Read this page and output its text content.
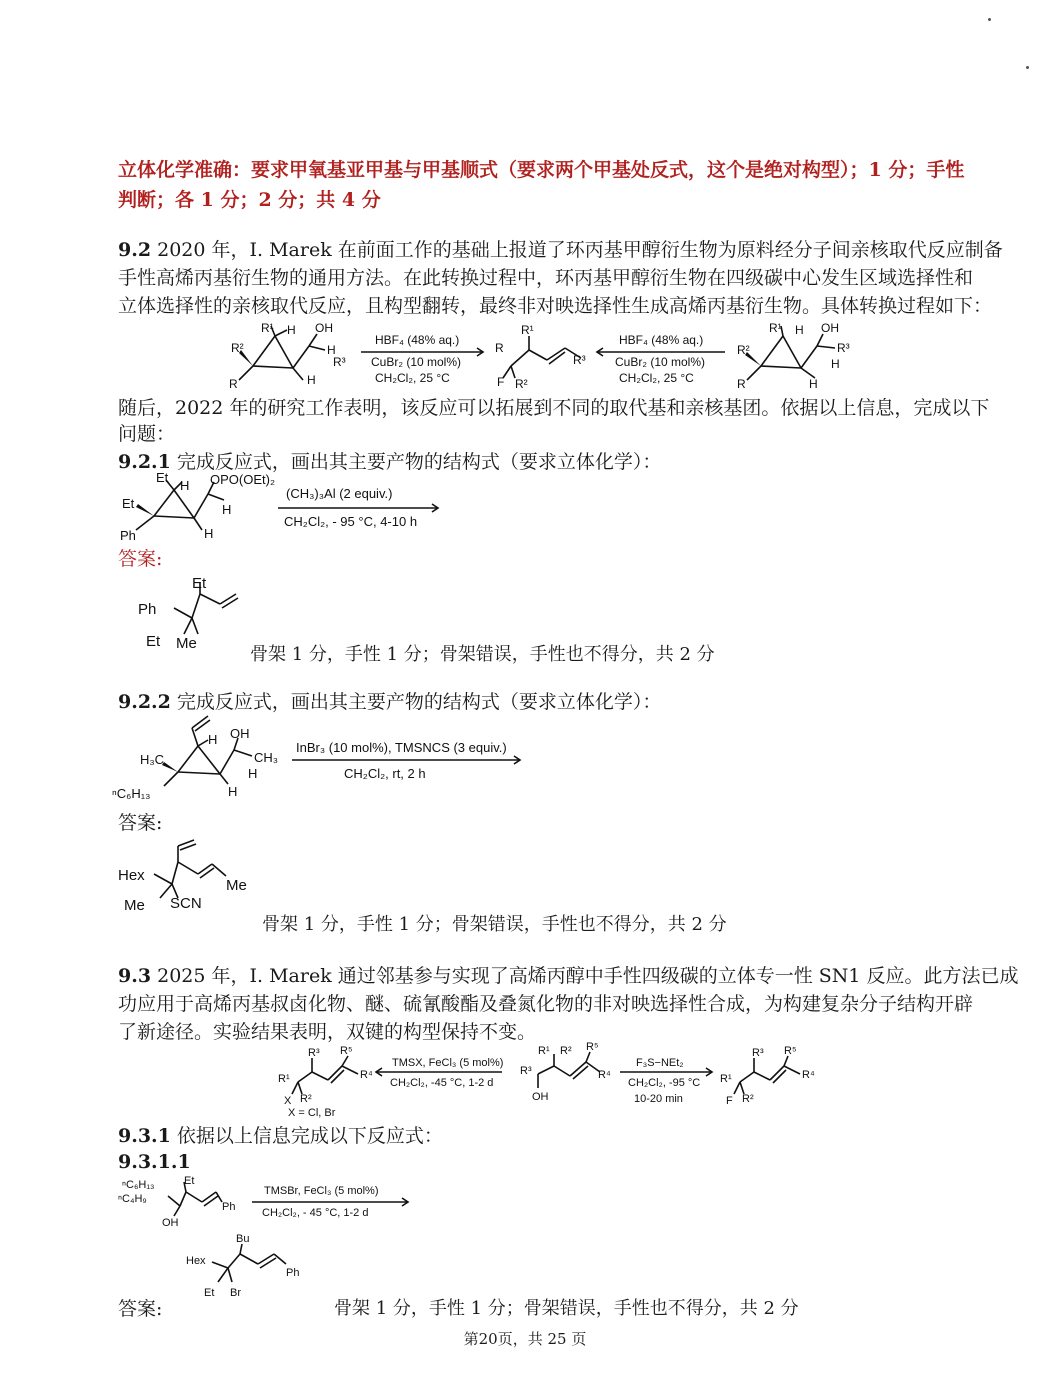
立体化学准确：要求甲氧基亚甲基与甲基顺式（要求两个甲基处反式，这个是绝对构型）；1 分；手性
判断；各 1 分；2 分；共 4 分
9.2 2020 年，I. Marek 在前面工作的基础上报道了环丙基甲醇衍生物为原料经分子间亲核取代反应制备
手性高烯丙基衍生物的通用方法。在此转换过程中，环丙基甲醇衍生物在四级碳中心发生区域选择性和
立体选择性的亲核取代反应，且构型翻转，最终非对映选择性生成高烯丙基衍生物。具体转换过程如下：
R²
R
R¹ H OH
H
R³
H
HBF₄ (48% aq.)
CuBr₂ (10 mol%)
CH₂Cl₂, 25 °C
R¹
R
F R²
R³
HBF₄ (48% aq.)
CuBr₂ (10 mol%)
CH₂Cl₂, 25 °C
R²
R
R¹ H OH
R³
H
H
随后，2022 年的研究工作表明，该反应可以拓展到不同的取代基和亲核基团。依据以上信息，完成以下
问题：
9.2.1 完成反应式，画出其主要产物的结构式（要求立体化学）：
Et
H
Et
Ph
OPO(OEt)₂
H
H
(CH₃)₃Al (2 equiv.)
CH₂Cl₂, - 95 °C, 4-10 h
答案:
Ph
Et
Et Me
骨架 1 分，手性 1 分；骨架错误，手性也不得分，共 2 分
9.2.2 完成反应式，画出其主要产物的结构式（要求立体化学）：
H
H₃C
ⁿC₆H₁₃
OH
CH₃
H
H
InBr₃ (10 mol%), TMSNCS (3 equiv.)
CH₂Cl₂, rt, 2 h
答案:
Hex
Me
Me SCN
骨架 1 分，手性 1 分；骨架错误，手性也不得分，共 2 分
9.3 2025 年，I. Marek 通过邻基参与实现了高烯丙醇中手性四级碳的立体专一性 SN1 反应。此方法已成
功应用于高烯丙基叔卤化物、醚、硫氰酸酯及叠氮化物的非对映选择性合成，为构建复杂分子结构开辟
了新途径。实验结果表明，双键的构型保持不变。
R³ R⁵
R¹	R⁴
X R²
X = Cl, Br
TMSX, FeCl₃ (5 mol%)
CH₂Cl₂, -45 °C, 1-2 d
R³
R¹ R² R⁵
R⁴
OH
F₃S−NEt₂
CH₂Cl₂, -95 °C
10-20 min
R³ R⁵
R¹	R⁴
F R²
9.3.1 依据以上信息完成以下反应式：
9.3.1.1
ⁿC₆H₁₃	Et
ⁿC₄H₉
Ph
OH
TMSBr, FeCl₃ (5 mol%)
CH₂Cl₂, - 45 °C, 1-2 d
Bu
Hex
Ph
Et Br
答案:	骨架 1 分，手性 1 分；骨架错误，手性也不得分，共 2 分
第20页，共 25 页
